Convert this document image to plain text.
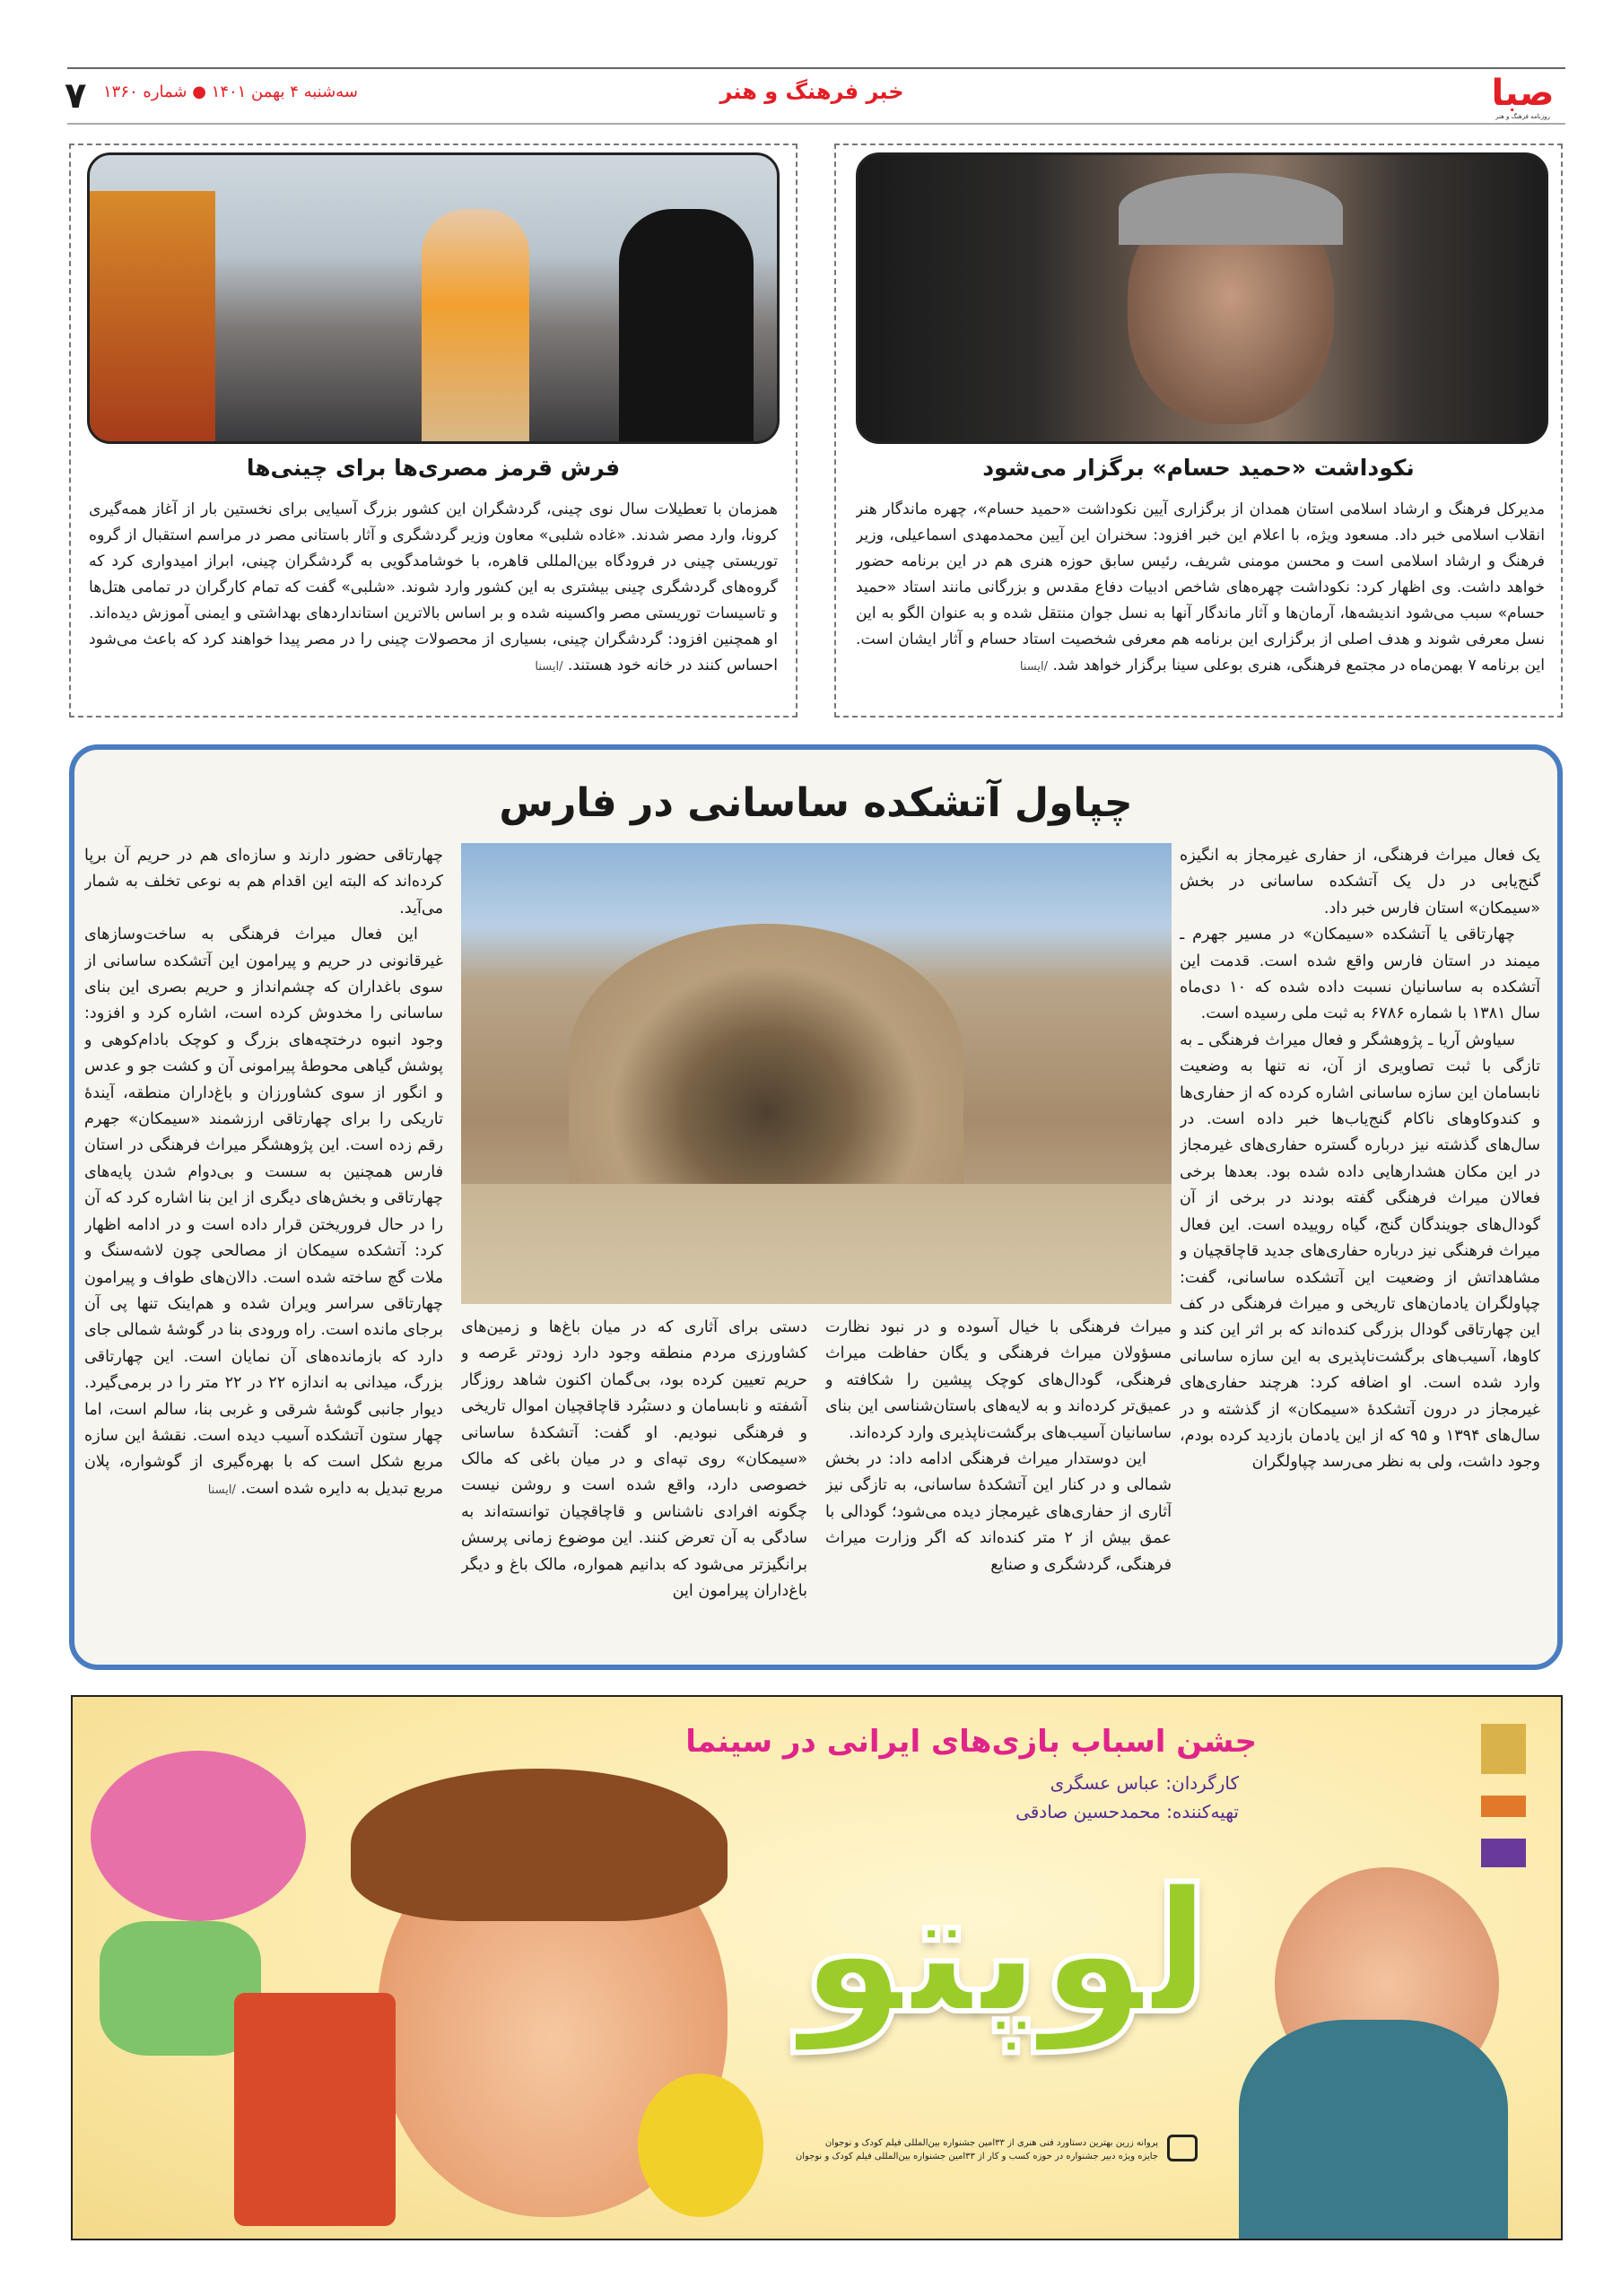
صبا
روزنامه فرهنگ و هنر
خبر فرهنگ و هنر
سه‌شنبه ۴ بهمن ۱۴۰۱ ● شماره ۱۳۶۰
۷
نکوداشت «حمید حسام» برگزار می‌شود
مدیرکل فرهنگ و ارشاد اسلامی استان همدان از برگزاری آیین نکوداشت «حمید حسام»، چهره ماندگار هنر انقلاب اسلامی خبر داد. مسعود ویژه، با اعلام این خبر افزود: سخنران این آیین محمدمهدی اسماعیلی، وزیر فرهنگ و ارشاد اسلامی است و محسن مومنی شریف، رئیس سابق حوزه هنری هم در این برنامه حضور خواهد داشت. وی اظهار کرد: نکوداشت چهره‌های شاخص ادبیات دفاع مقدس و بزرگانی مانند استاد «حمید حسام» سبب می‌شود اندیشه‌ها، آرمان‌ها و آثار ماندگار آنها به نسل جوان منتقل شده و به عنوان الگو به این نسل معرفی شوند و هدف اصلی از برگزاری این برنامه هم معرفی شخصیت استاد حسام و آثار ایشان است. این برنامه ۷ بهمن‌ماه در مجتمع فرهنگی، هنری بوعلی سینا برگزار خواهد شد. /ایسنا
فرش قرمز مصری‌ها برای چینی‌ها
همزمان با تعطیلات سال نوی چینی، گردشگران این کشور بزرگ آسیایی برای نخستین بار از آغاز همه‌گیری کرونا، وارد مصر شدند. «غاده شلبی» معاون وزیر گردشگری و آثار باستانی مصر در مراسم استقبال از گروه توریستی چینی در فرودگاه بین‌المللی قاهره، با خوشامدگویی به گردشگران چینی، ابراز امیدواری کرد که گروه‌های گردشگری چینی بیشتری به این کشور وارد شوند. «شلبی» گفت که تمام کارگران در تمامی هتل‌ها و تاسیسات توریستی مصر واکسینه شده و بر اساس بالاترین استانداردهای بهداشتی و ایمنی آموزش دیده‌اند. او همچنین افزود: گردشگران چینی، بسیاری از محصولات چینی را در مصر پیدا خواهند کرد که باعث می‌شود احساس کنند در خانه خود هستند. /ایسنا
چپاول آتشکده ساسانی در فارس

یک فعال میراث فرهنگی، از حفاری غیرمجاز به انگیزه گنج‌یابی در دل یک آتشکده ساسانی در بخش «سیمکان» استان فارس خبر داد.

چهارتاقی یا آتشکده «سیمکان» در مسیر جهرم ـ میمند در استان فارس واقع شده است. قدمت این آتشکده به ساسانیان نسبت داده شده که ۱۰ دی‌ماه سال ۱۳۸۱ با شماره ۶۷۸۶ به ثبت ملی رسیده است.

سیاوش آریا ـ پژوهشگر و فعال میراث فرهنگی ـ به تازگی با ثبت تصاویری از آن، نه تنها به وضعیت نابسامان این سازه ساسانی اشاره کرده که از حفاری‌ها و کندوکاوهای ناکام گنج‌یاب‌ها خبر داده است. در سال‌های گذشته نیز درباره گستره حفاری‌های غیرمجاز در این مکان هشدارهایی داده شده بود. بعدها برخی فعالان میراث فرهنگی گفته بودند در برخی از آن گودال‌های جویندگان گنج، گیاه روییده است. این فعال میراث فرهنگی نیز درباره حفاری‌های جدید قاچاقچیان و مشاهداتش از وضعیت این آتشکده ساسانی، گفت: چپاولگران یادمان‌های تاریخی و میراث فرهنگی در کف این چهارتاقی گودال بزرگی کنده‌اند که بر اثر این کند و کاوها، آسیب‌های برگشت‌ناپذیری به این سازه ساسانی وارد شده است. او اضافه کرد: هرچند حفاری‌های غیرمجاز در درون آتشکدهٔ «سیمکان» از گذشته و در سال‌های ۱۳۹۴ و ۹۵ که از این یادمان بازدید کرده بودم، وجود داشت، ولی به نظر می‌رسد چپاولگران

میراث فرهنگی با خیال آسوده و در نبود نظارت مسؤولان میراث فرهنگی و یگان حفاظت میراث فرهنگی، گودال‌های کوچک پیشین را شکافته و عمیق‌تر کرده‌اند و به لایه‌های باستان‌شناسی این بنای ساسانیان آسیب‌های برگشت‌ناپذیری وارد کرده‌اند.

این دوستدار میراث فرهنگی ادامه داد: در بخش شمالی و در کنار این آتشکدهٔ ساسانی، به تازگی نیز آثاری از حفاری‌های غیرمجاز دیده می‌شود؛ گودالی با عمق بیش از ۲ متر کنده‌اند که اگر وزارت میراث فرهنگی، گردشگری و صنایع

دستی برای آثاری که در میان باغ‌ها و زمین‌های کشاورزی مردم منطقه وجود دارد زودتر عَرصه و حریم تعیین کرده بود، بی‌گمان اکنون شاهد روزگار آشفته و نابسامان و دستبُرد قاچاقچیان اموال تاریخی و فرهنگی نبودیم. او گفت: آتشکدهٔ ساسانی «سیمکان» روی تپه‌ای و در میان باغی که مالک خصوصی دارد، واقع شده است و روشن نیست چگونه افرادی ناشناس و قاچاقچیان توانسته‌اند به سادگی به آن تعرض کنند. این موضوع زمانی پرسش برانگیزتر می‌شود که بدانیم همواره، مالک باغ و دیگر باغ‌داران پیرامون این

چهارتاقی حضور دارند و سازه‌ای هم در حریم آن برپا کرده‌اند که البته این اقدام هم به نوعی تخلف به شمار می‌آید.

این فعال میراث فرهنگی به ساخت‌وسازهای غیرقانونی در حریم و پیرامون این آتشکده ساسانی از سوی باغداران که چشم‌انداز و حریم بصری این بنای ساسانی را مخدوش کرده است، اشاره کرد و افزود: وجود انبوه درختچه‌های بزرگ و کوچک بادام‌کوهی و پوشش گیاهی محوطهٔ پیرامونی آن و کشت جو و عدس و انگور از سوی کشاورزان و باغ‌داران منطقه، آیندهٔ تاریکی را برای چهارتاقی ارزشمند «سیمکان» جهرم رقم زده است. این پژوهشگر میراث فرهنگی در استان فارس همچنین به سست و بی‌دوام شدن پایه‌های چهارتاقی و بخش‌های دیگری از این بنا اشاره کرد که آن را در حال فروریختن قرار داده است و در ادامه اظهار کرد: آتشکده سیمکان از مصالحی چون لاشه‌سنگ و ملات گچ ساخته شده است. دالان‌های طواف و پیرامون چهارتاقی سراسر ویران شده و هم‌اینک تنها پی آن برجای مانده است. راه ورودی بنا در گوشهٔ شمالی جای دارد که بازمانده‌های آن نمایان است. این چهارتاقی بزرگ، میدانی به اندازه ۲۲ در ۲۲ متر را در برمی‌گیرد. دیوار جانبی گوشهٔ شرقی و غربی بنا، سالم است، اما چهار ستون آتشکده آسیب دیده است. نقشهٔ این سازه مربع شکل است که با بهره‌گیری از گوشواره، پلان مربع تبدیل به دایره شده است. /ایسنا

جشن اسباب بازی‌های ایرانی در سینما
کارگردان: عباس عسگری
تهیه‌کننده: محمدحسین صادقی
لوپتو
پروانه زرین بهترین دستاورد فنی هنری از ۳۳امین جشنواره بین‌المللی فیلم کودک و نوجوان
جایزه ویژه دبیر جشنواره در حوزه کسب و کار از ۳۳امین جشنواره بین‌المللی فیلم کودک و نوجوان
